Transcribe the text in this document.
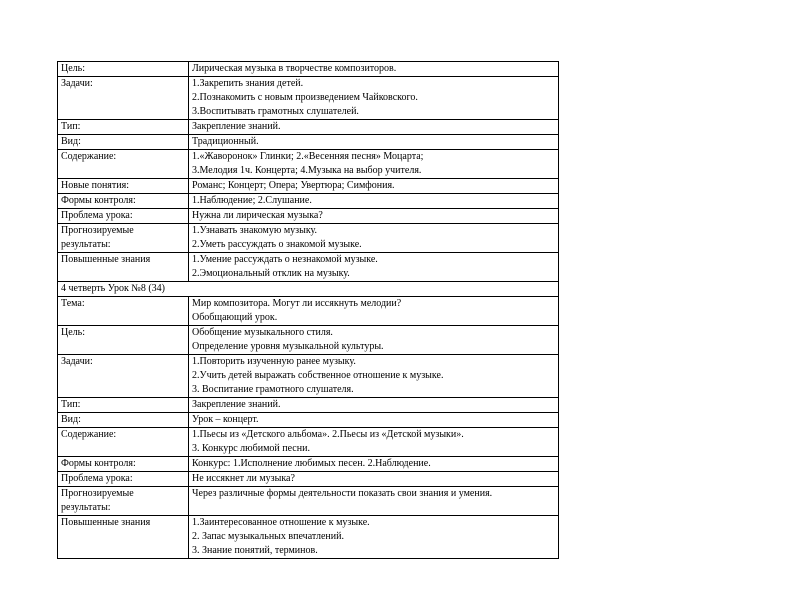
Цель:	Лирическая музыка в творчестве композиторов.

Задачи:	1.Закрепить знания детей.
2.Познакомить с новым произведением Чайковского.
3.Воспитывать грамотных слушателей.

Тип:	Закрепление знаний.

Вид:	Традиционный.

Содержание:	1.«Жаворонок» Глинки; 2.«Весенняя песня» Моцарта;
3.Мелодия 1ч. Концерта; 4.Музыка на выбор учителя.

Новые понятия:	Романс; Концерт; Опера; Увертюра; Симфония.

Формы контроля:	1.Наблюдение; 2.Слушание.

Проблема урока:	Нужна ли лирическая музыка?

Прогнозируемые результаты:	1.Узнавать знакомую музыку.
2.Уметь рассуждать о знакомой музыке.

Повышенные знания	1.Умение рассуждать о незнакомой музыке.
2.Эмоциональный отклик на музыку.

4 четверть Урок №8 (34)	
Тема:	Мир композитора. Могут ли иссякнуть мелодии?
Обобщающий урок.

Цель:	Обобщение музыкального стиля.
Определение уровня музыкальной культуры.

Задачи:	1.Повторить изученную ранее музыку.
2.Учить детей выражать собственное отношение к музыке.
3. Воспитание грамотного слушателя.

Тип:	Закрепление знаний.

Вид:	Урок – концерт.

Содержание:	1.Пьесы из «Детского альбома». 2.Пьесы из «Детской музыки».
3. Конкурс любимой песни.

Формы контроля:	Конкурс: 1.Исполнение любимых песен. 2.Наблюдение.

Проблема урока:	Не иссякнет ли музыка?

Прогнозируемые результаты:	Через различные формы деятельности показать свои знания и умения.

Повышенные знания	1.Заинтересованное отношение к музыке.
2. Запас музыкальных впечатлений.
3. Знание понятий, терминов.
